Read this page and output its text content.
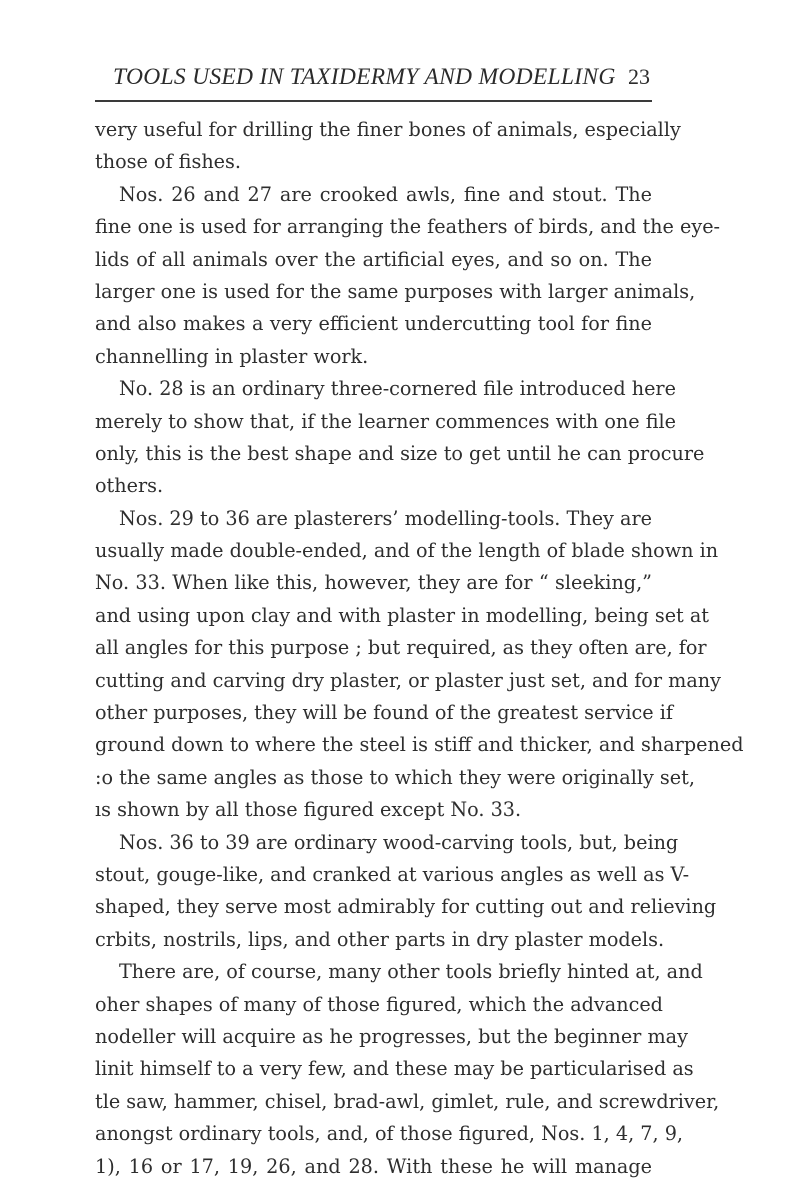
TOOLS USED IN TAXIDERMY AND MODELLING 23
very useful for drilling the finer bones of animals, especially
those of fishes.
Nos. 26 and 27 are crooked awls, fine and stout. The
fine one is used for arranging the feathers of birds, and the eye-
lids of all animals over the artificial eyes, and so on. The
larger one is used for the same purposes with larger animals,
and also makes a very efficient undercutting tool for fine
channelling in plaster work.
No. 28 is an ordinary three-cornered file introduced here
merely to show that, if the learner commences with one file
only, this is the best shape and size to get until he can procure
others.
Nos. 29 to 36 are plasterers’ modelling-tools. They are
usually made double-ended, and of the length of blade shown in
No. 33. When like this, however, they are for “ sleeking,”
and using upon clay and with plaster in modelling, being set at
all angles for this purpose ; but required, as they often are, for
cutting and carving dry plaster, or plaster just set, and for many
other purposes, they will be found of the greatest service if
ground down to where the steel is stiff and thicker, and sharpened
:o the same angles as those to which they were originally set,
ıs shown by all those figured except No. 33.
Nos. 36 to 39 are ordinary wood-carving tools, but, being
stout, gouge-like, and cranked at various angles as well as V-
shaped, they serve most admirably for cutting out and relieving
crbits, nostrils, lips, and other parts in dry plaster models.
There are, of course, many other tools briefly hinted at, and
oher shapes of many of those figured, which the advanced
nodeller will acquire as he progresses, but the beginner may
linit himself to a very few, and these may be particularised as
tle saw, hammer, chisel, brad-awl, gimlet, rule, and screwdriver,
anongst ordinary tools, and, of those figured, Nos. 1, 4, 7, 9,
1), 16 or 17, 19, 26, and 28. With these he will manage
